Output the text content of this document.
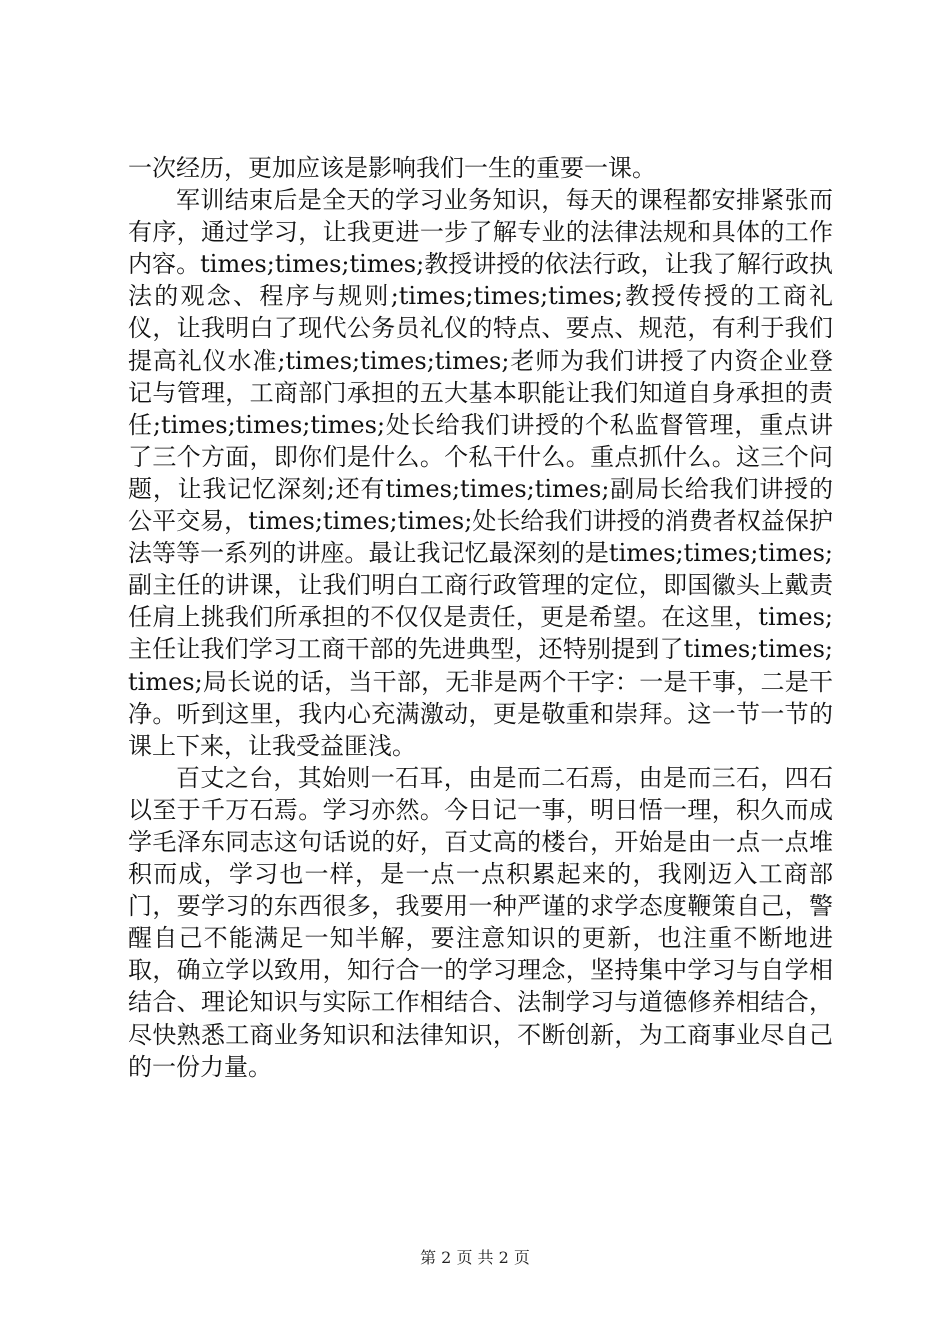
一次经历，更加应该是影响我们一生的重要一课。

军训结束后是全天的学习业务知识，每天的课程都安排紧张而有序，通过学习，让我更进一步了解专业的法律法规和具体的工作内容。times;times;times;教授讲授的依法行政，让我了解行政执法的观念、程序与规则;times;times;times;教授传授的工商礼仪，让我明白了现代公务员礼仪的特点、要点、规范，有利于我们提高礼仪水准;times;times;times;老师为我们讲授了内资企业登记与管理，工商部门承担的五大基本职能让我们知道自身承担的责任;times;times;times;处长给我们讲授的个私监督管理，重点讲了三个方面，即你们是什么。个私干什么。重点抓什么。这三个问题，让我记忆深刻;还有times;times;times;副局长给我们讲授的公平交易，times;times;times;处长给我们讲授的消费者权益保护法等等一系列的讲座。最让我记忆最深刻的是times;times;times;副主任的讲课，让我们明白工商行政管理的定位，即国徽头上戴责任肩上挑我们所承担的不仅仅是责任，更是希望。在这里，times;主任让我们学习工商干部的先进典型，还特别提到了times;times;times;局长说的话，当干部，无非是两个干字：一是干事，二是干净。听到这里，我内心充满激动，更是敬重和崇拜。这一节一节的课上下来，让我受益匪浅。

百丈之台，其始则一石耳，由是而二石焉，由是而三石，四石以至于千万石焉。学习亦然。今日记一事，明日悟一理，积久而成学毛泽东同志这句话说的好，百丈高的楼台，开始是由一点一点堆积而成，学习也一样，是一点一点积累起来的，我刚迈入工商部门，要学习的东西很多，我要用一种严谨的求学态度鞭策自己，警醒自己不能满足一知半解，要注意知识的更新，也注重不断地进取，确立学以致用，知行合一的学习理念，坚持集中学习与自学相结合、理论知识与实际工作相结合、法制学习与道德修养相结合，尽快熟悉工商业务知识和法律知识，不断创新，为工商事业尽自己的一份力量。

第 2 页 共 2 页
